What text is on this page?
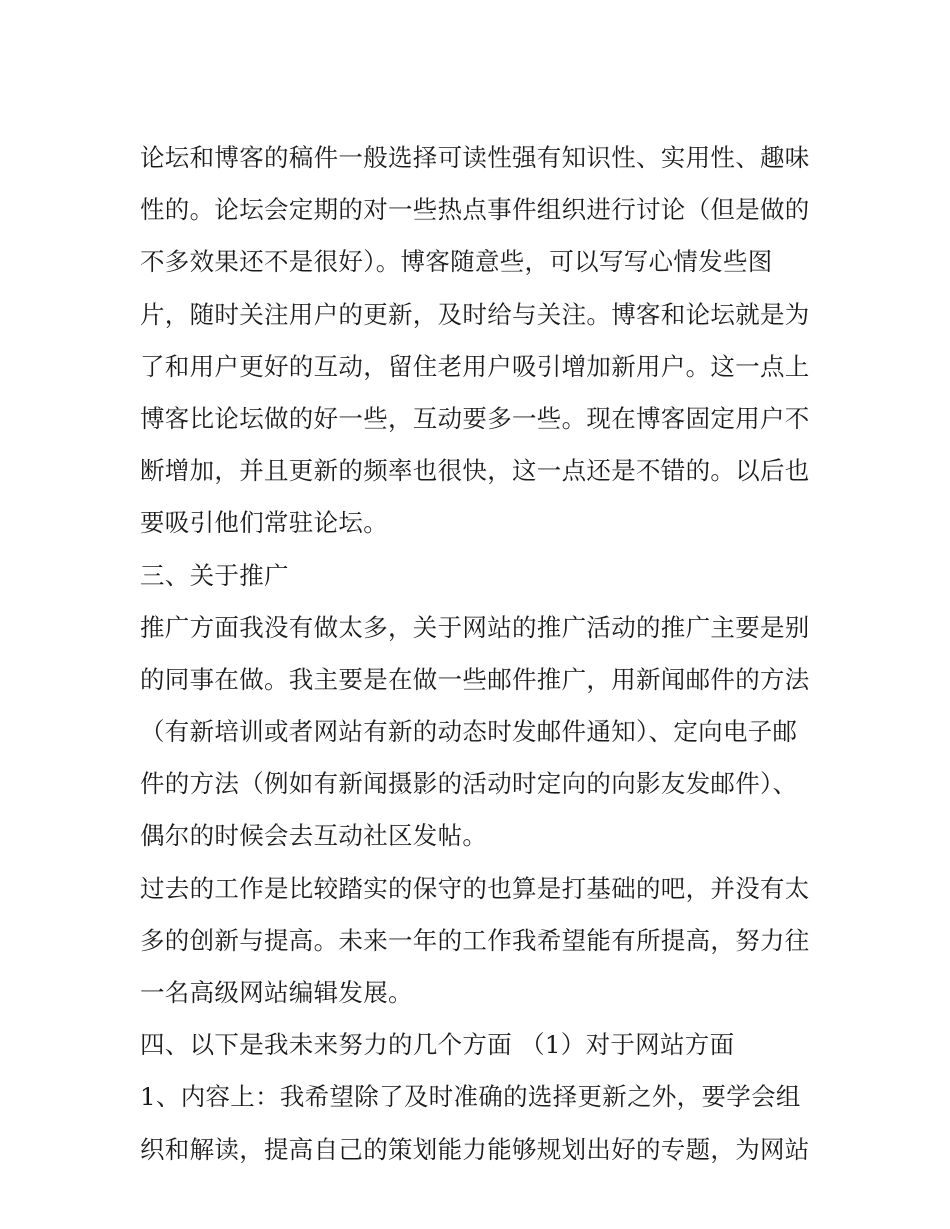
论坛和博客的稿件一般选择可读性强有知识性、实用性、趣味
性的。论坛会定期的对一些热点事件组织进行讨论（但是做的
不多效果还不是很好）。博客随意些，可以写写心情发些图
片，随时关注用户的更新，及时给与关注。博客和论坛就是为
了和用户更好的互动，留住老用户吸引增加新用户。这一点上
博客比论坛做的好一些，互动要多一些。现在博客固定用户不
断增加，并且更新的频率也很快，这一点还是不错的。以后也
要吸引他们常驻论坛。
三、关于推广
推广方面我没有做太多，关于网站的推广活动的推广主要是别
的同事在做。我主要是在做一些邮件推广，用新闻邮件的方法
（有新培训或者网站有新的动态时发邮件通知）、定向电子邮
件的方法（例如有新闻摄影的活动时定向的向影友发邮件）、
偶尔的时候会去互动社区发帖。
过去的工作是比较踏实的保守的也算是打基础的吧，并没有太
多的创新与提高。未来一年的工作我希望能有所提高，努力往
一名高级网站编辑发展。
四、以下是我未来努力的几个方面 （1）对于网站方面
1、内容上：我希望除了及时准确的选择更新之外，要学会组
织和解读，提高自己的策划能力能够规划出好的专题，为网站
